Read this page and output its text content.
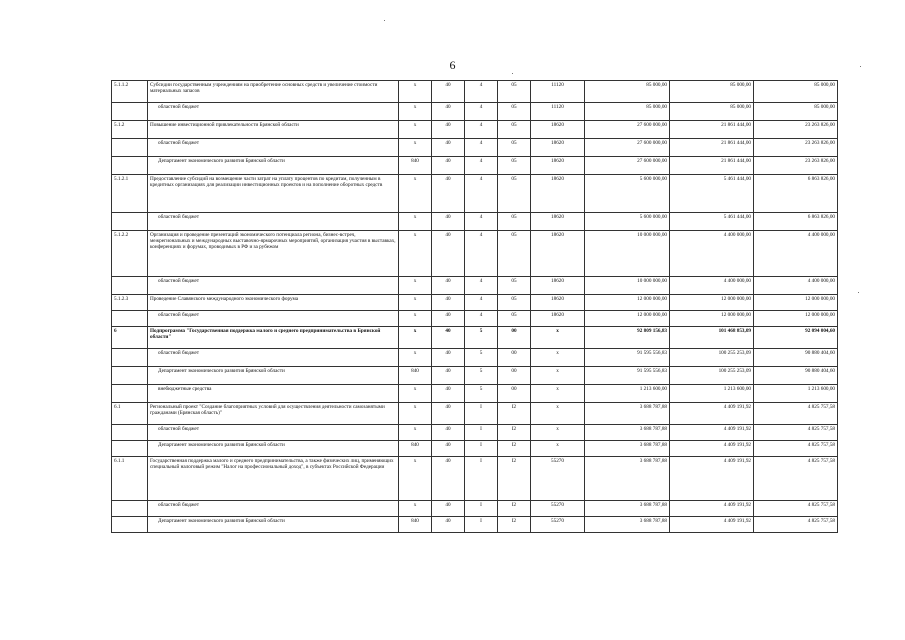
6
5.1.1.2	Субсидии государственным учреждениям на приобретение основных средств и увеличение стоимости материальных запасов	х	40	4	05	11120	85 000,00	85 000,00	85 000,00
	областной бюджет	х	40	4	05	11120	85 000,00	85 000,00	85 000,00
5.1.2	Повышение инвестиционной привлекательности Брянской области	х	40	4	05	18620	27 600 000,00	21 861 444,00	23 263 826,00
	областной бюджет	х	40	4	05	18620	27 600 000,00	21 861 444,00	23 263 826,00
	Департамент экономического развития Брянской области	840	40	4	05	18620	27 600 000,00	21 861 444,00	23 263 826,00
5.1.2.1	Предоставление субсидий на возмещение части затрат на уплату процентов по кредитам, полученным в кредитных организациях для реализации инвестиционных проектов и на пополнение оборотных средств	х	40	4	05	18620	5 600 000,00	5 461 444,00	6 863 826,00
	областной бюджет	х	40	4	05	18620	5 600 000,00	5 461 444,00	6 863 826,00
5.1.2.2	Организация и проведение презентаций экономического потенциала региона, бизнес-встреч, межрегиональных и международных выставочно-ярмарочных мероприятий, организация участия в выставках, конференциях и форумах, проводимых в РФ и за рубежом	х	40	4	05	18620	10 000 000,00	4 400 000,00	4 400 000,00
	областной бюджет	х	40	4	05	18620	10 000 000,00	4 400 000,00	4 400 000,00
5.1.2.3	Проведение Славянского международного экономического форума	х	40	4	05	18620	12 000 000,00	12 000 000,00	12 000 000,00
	областной бюджет	х	40	4	05	18620	12 000 000,00	12 000 000,00	12 000 000,00
6	Подпрограмма "Государственная поддержка малого и среднего предпринимательства в Брянской области"	х	40	5	00	х	92 809 156,83	101 468 853,09	92 094 004,60
	областной бюджет	х	40	5	00	х	91 595 556,83	100 255 253,09	90 880 404,60
	Департамент экономического развития Брянской области	840	40	5	00	х	91 595 556,83	100 255 253,09	90 880 404,60
	внебюджетные средства	х	40	5	00	х	1 213 600,00	1 213 600,00	1 213 600,00
6.1	Региональный проект "Создание благоприятных условий для осуществления деятельности самозанятыми гражданами (Брянская область)"	х	40	I	I2	х	3 688 787,88	4 409 191,92	4 825 757,58
	областной бюджет	х	40	I	I2	х	3 688 787,88	4 409 191,92	4 825 757,58
	Департамент экономического развития Брянской области	840	40	I	I2	х	3 688 787,88	4 409 191,92	4 825 757,58
6.1.1	Государственная поддержка малого и среднего предпринимательства, а также физических лиц, применяющих специальный налоговый режим "Налог на профессиональный доход", в субъектах Российской Федерации	х	40	I	I2	55270	3 688 787,88	4 409 191,92	4 825 757,58
	областной бюджет	х	40	I	I2	55270	3 688 787,88	4 409 191,92	4 825 757,58
	Департамент экономического развития Брянской области	840	40	I	I2	55270	3 688 787,88	4 409 191,92	4 825 757,58
